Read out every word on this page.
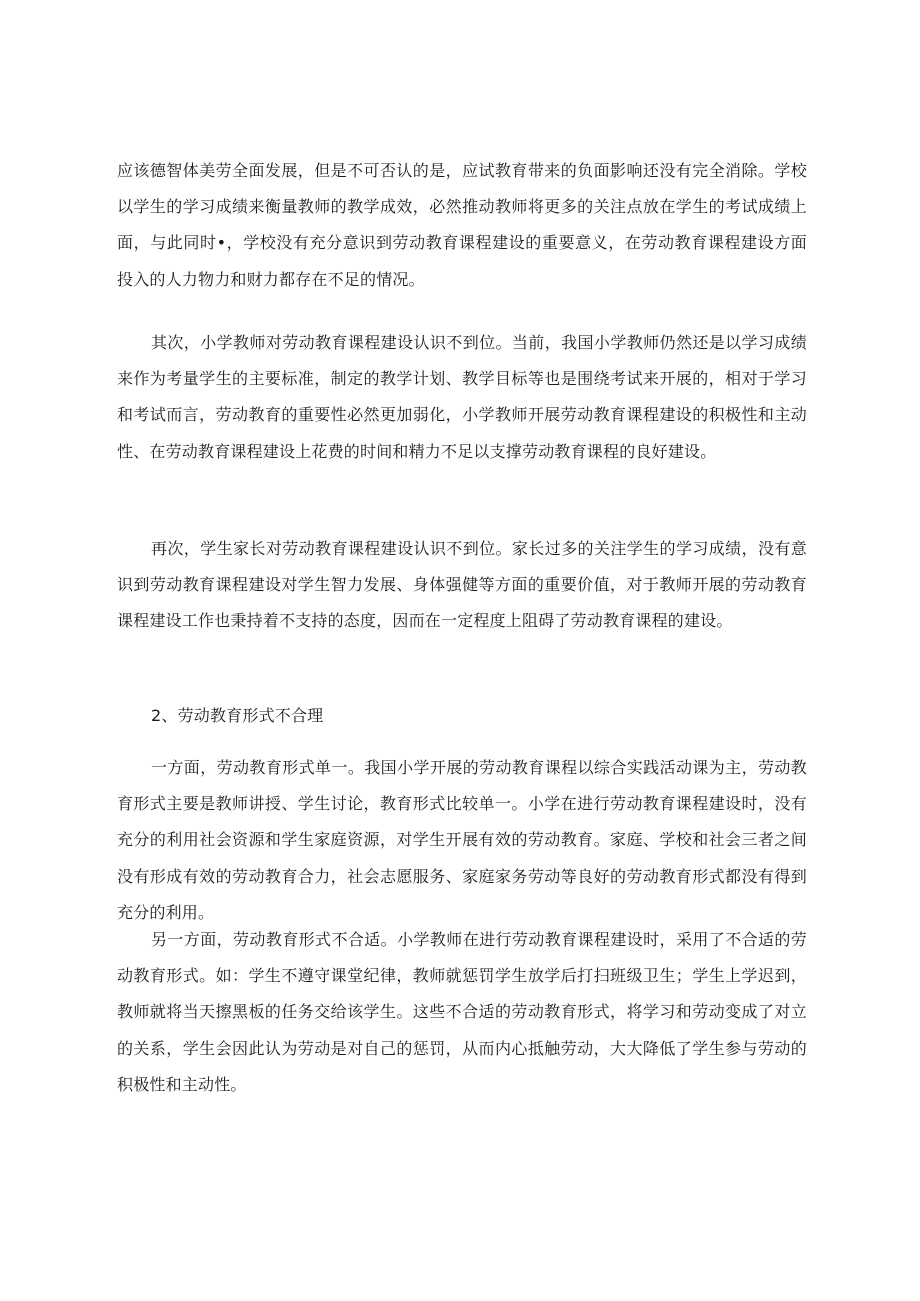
应该德智体美劳全面发展，但是不可否认的是，应试教育带来的负面影响还没有完全消除。学校以学生的学习成绩来衡量教师的教学成效，必然推动教师将更多的关注点放在学生的考试成绩上面，与此同时•，学校没有充分意识到劳动教育课程建设的重要意义，在劳动教育课程建设方面投入的人力物力和财力都存在不足的情况。

其次，小学教师对劳动教育课程建设认识不到位。当前，我国小学教师仍然还是以学习成绩来作为考量学生的主要标准，制定的教学计划、教学目标等也是围绕考试来开展的，相对于学习和考试而言，劳动教育的重要性必然更加弱化，小学教师开展劳动教育课程建设的积极性和主动性、在劳动教育课程建设上花费的时间和精力不足以支撑劳动教育课程的良好建设。

再次，学生家长对劳动教育课程建设认识不到位。家长过多的关注学生的学习成绩，没有意识到劳动教育课程建设对学生智力发展、身体强健等方面的重要价值，对于教师开展的劳动教育课程建设工作也秉持着不支持的态度，因而在一定程度上阻碍了劳动教育课程的建设。

2、劳动教育形式不合理

一方面，劳动教育形式单一。我国小学开展的劳动教育课程以综合实践活动课为主，劳动教育形式主要是教师讲授、学生讨论，教育形式比较单一。小学在进行劳动教育课程建设时，没有充分的利用社会资源和学生家庭资源，对学生开展有效的劳动教育。家庭、学校和社会三者之间没有形成有效的劳动教育合力，社会志愿服务、家庭家务劳动等良好的劳动教育形式都没有得到充分的利用。

另一方面，劳动教育形式不合适。小学教师在进行劳动教育课程建设时，采用了不合适的劳动教育形式。如：学生不遵守课堂纪律，教师就惩罚学生放学后打扫班级卫生；学生上学迟到，教师就将当天擦黑板的任务交给该学生。这些不合适的劳动教育形式，将学习和劳动变成了对立的关系，学生会因此认为劳动是对自己的惩罚，从而内心抵触劳动，大大降低了学生参与劳动的积极性和主动性。
